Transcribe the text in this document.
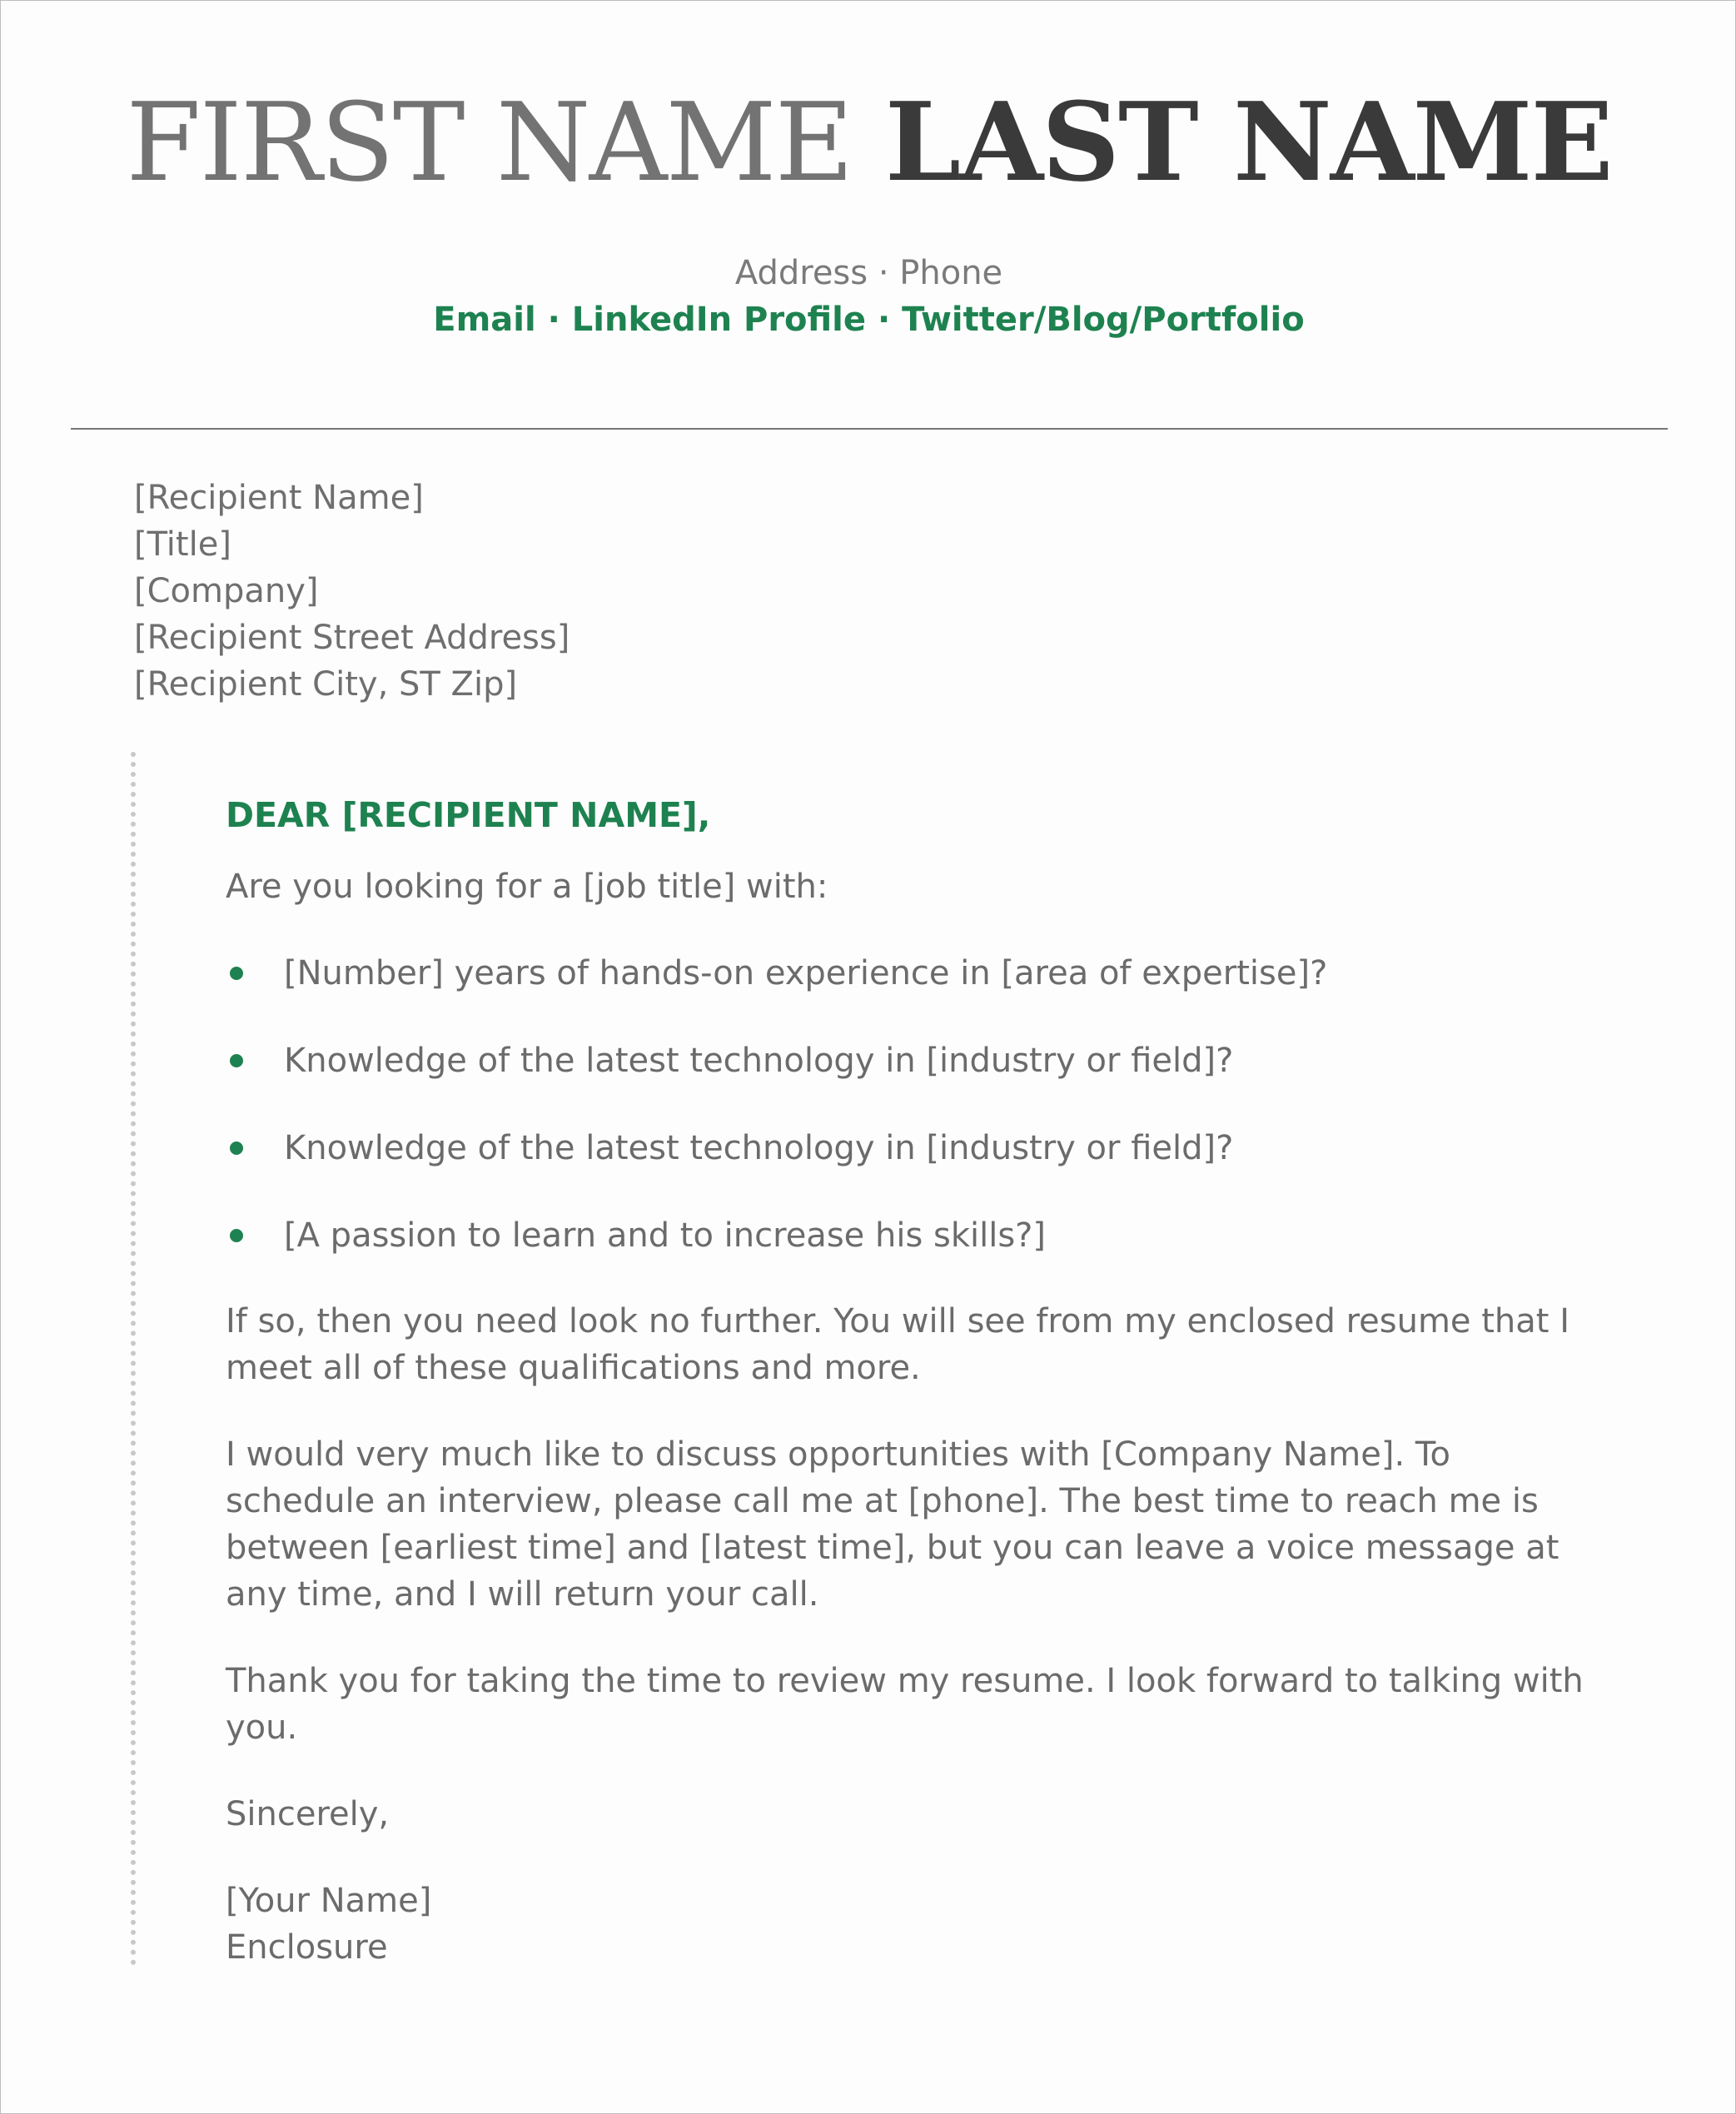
FIRST NAME LAST NAME
Address · Phone
Email · LinkedIn Profile · Twitter/Blog/Portfolio
[Recipient Name]
[Title]
[Company]
[Recipient Street Address]
[Recipient City, ST Zip]
DEAR [RECIPIENT NAME],

Are you looking for a [job title] with:

[Number] years of hands-on experience in [area of expertise]?
Knowledge of the latest technology in [industry or field]?
Knowledge of the latest technology in [industry or field]?
[A passion to learn and to increase his skills?]

If so, then you need look no further. You will see from my enclosed resume that I meet all of these qualifications and more.

I would very much like to discuss opportunities with [Company Name]. To schedule an interview, please call me at [phone]. The best time to reach me is between [earliest time] and [latest time], but you can leave a voice message at any time, and I will return your call.

Thank you for taking the time to review my resume. I look forward to talking with you.

Sincerely,

[Your Name]
Enclosure
